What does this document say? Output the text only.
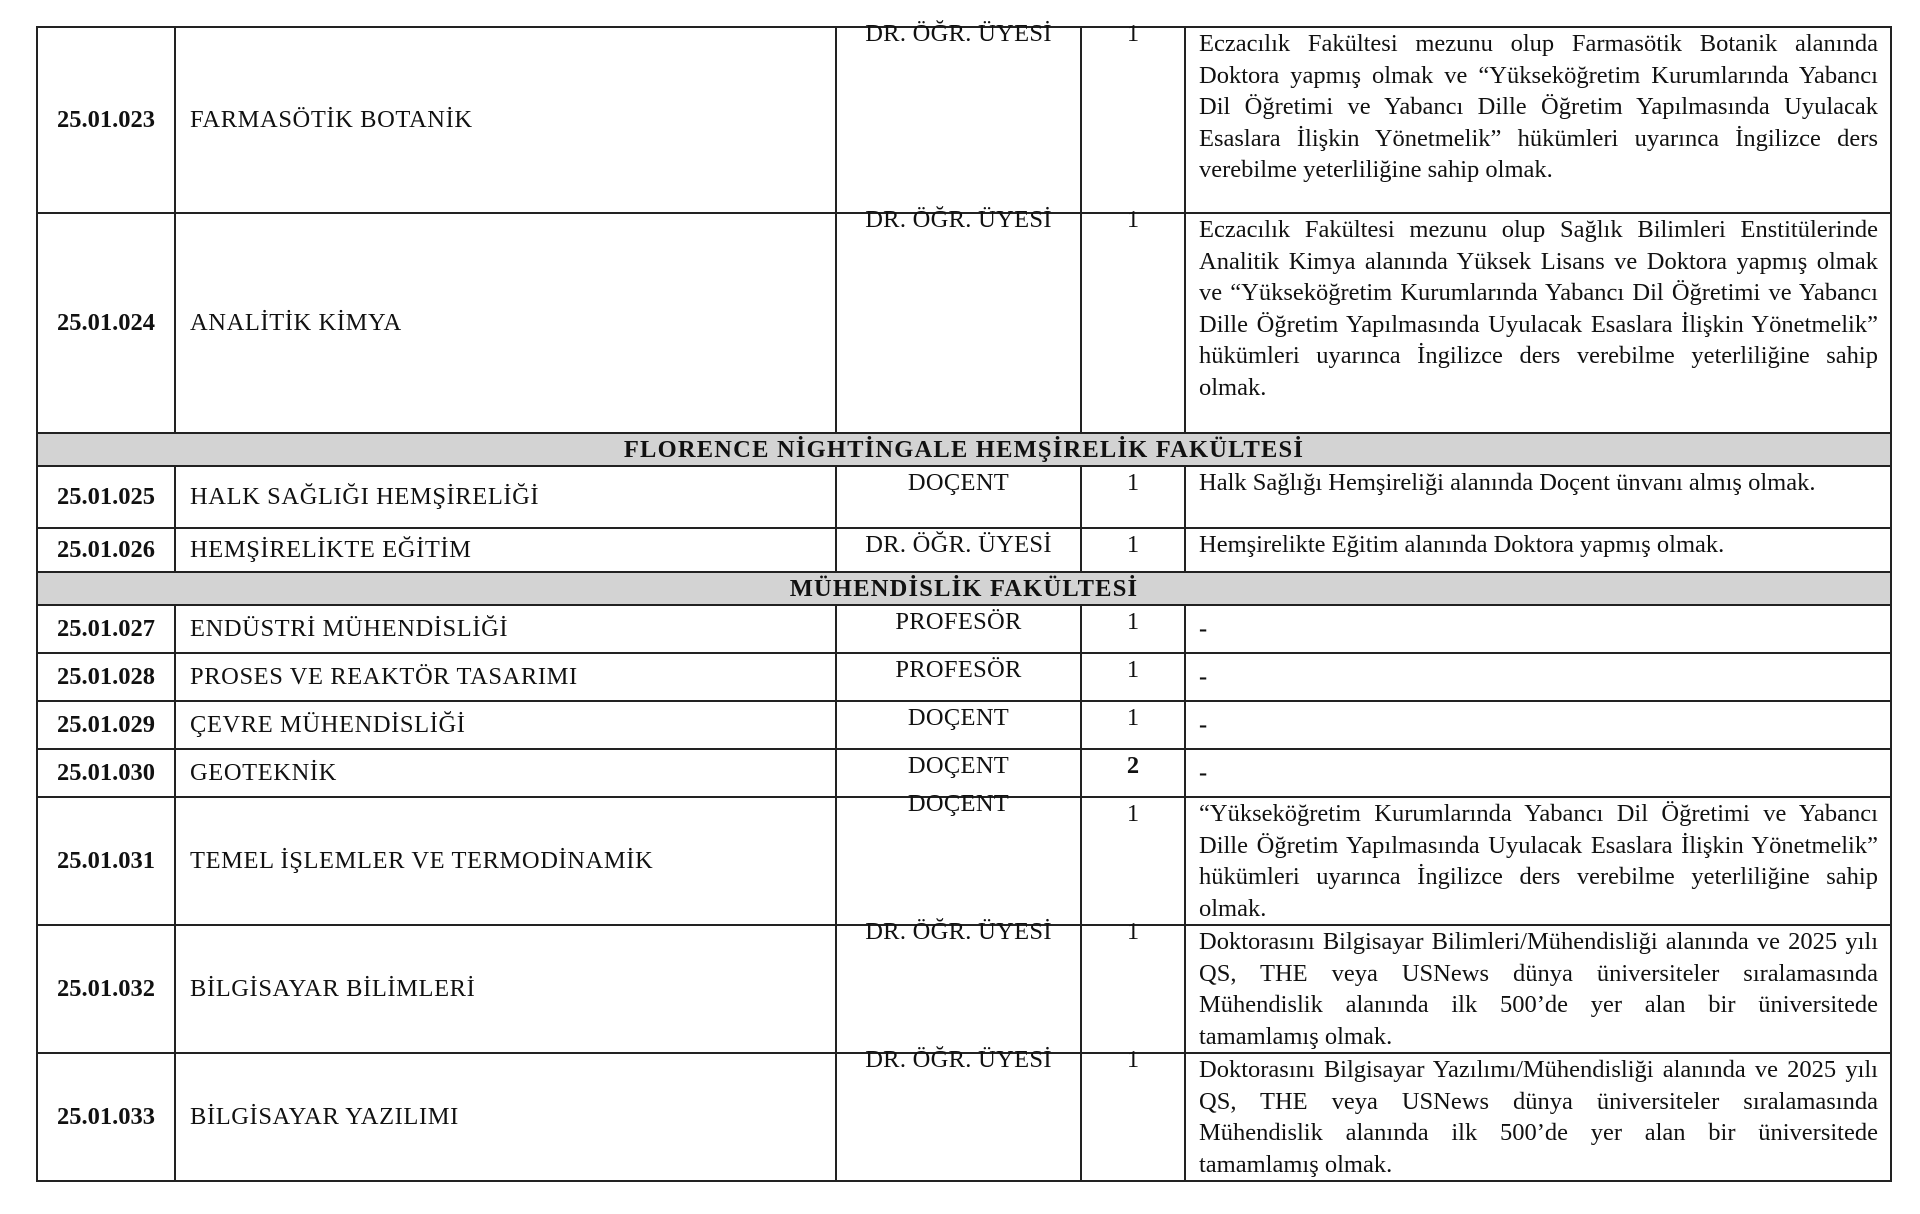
25.01.023	FARMASÖTİK BOTANİK	DR. ÖĞR. ÜYESİ	1	Eczacılık Fakültesi mezunu olup Farmasötik Botanik alanında Doktora yapmış olmak ve “Yükseköğretim Kurumlarında Yabancı Dil Öğretimi ve Yabancı Dille Öğretim Yapılmasında Uyulacak Esaslara İlişkin Yönetmelik” hükümleri uyarınca İngilizce ders verebilme yeterliliğine sahip olmak.
25.01.024	ANALİTİK KİMYA	DR. ÖĞR. ÜYESİ	1	Eczacılık Fakültesi mezunu olup Sağlık Bilimleri Enstitülerinde Analitik Kimya alanında Yüksek Lisans ve Doktora yapmış olmak ve “Yükseköğretim Kurumlarında Yabancı Dil Öğretimi ve Yabancı Dille Öğretim Yapılmasında Uyulacak Esaslara İlişkin Yönetmelik” hükümleri uyarınca İngilizce ders verebilme yeterliliğine sahip olmak.
FLORENCE NİGHTİNGALE HEMŞİRELİK FAKÜLTESİ				
25.01.025	HALK SAĞLIĞI HEMŞİRELİĞİ	DOÇENT	1	Halk Sağlığı Hemşireliği alanında Doçent ünvanı almış olmak.
25.01.026	HEMŞİRELİKTE EĞİTİM	DR. ÖĞR. ÜYESİ	1	Hemşirelikte Eğitim alanında Doktora yapmış olmak.
MÜHENDİSLİK FAKÜLTESİ				
25.01.027	ENDÜSTRİ MÜHENDİSLİĞİ	PROFESÖR	1	-
25.01.028	PROSES VE REAKTÖR TASARIMI	PROFESÖR	1	-
25.01.029	ÇEVRE MÜHENDİSLİĞİ	DOÇENT	1	-
25.01.030	GEOTEKNİK	DOÇENT	2	-
25.01.031	TEMEL İŞLEMLER VE TERMODİNAMİK	DOÇENT	1	“Yükseköğretim Kurumlarında Yabancı Dil Öğretimi ve Yabancı Dille Öğretim Yapılmasında Uyulacak Esaslara İlişkin Yönetmelik” hükümleri uyarınca İngilizce ders verebilme yeterliliğine sahip olmak.
25.01.032	BİLGİSAYAR BİLİMLERİ	DR. ÖĞR. ÜYESİ	1	Doktorasını Bilgisayar Bilimleri/Mühendisliği alanında ve 2025 yılı QS, THE veya USNews dünya üniversiteler sıralamasında Mühendislik alanında ilk 500’de yer alan bir üniversitede tamamlamış olmak.
25.01.033	BİLGİSAYAR YAZILIMI	DR. ÖĞR. ÜYESİ	1	Doktorasını Bilgisayar Yazılımı/Mühendisliği alanında ve 2025 yılı QS, THE veya USNews dünya üniversiteler sıralamasında Mühendislik alanında ilk 500’de yer alan bir üniversitede tamamlamış olmak.
